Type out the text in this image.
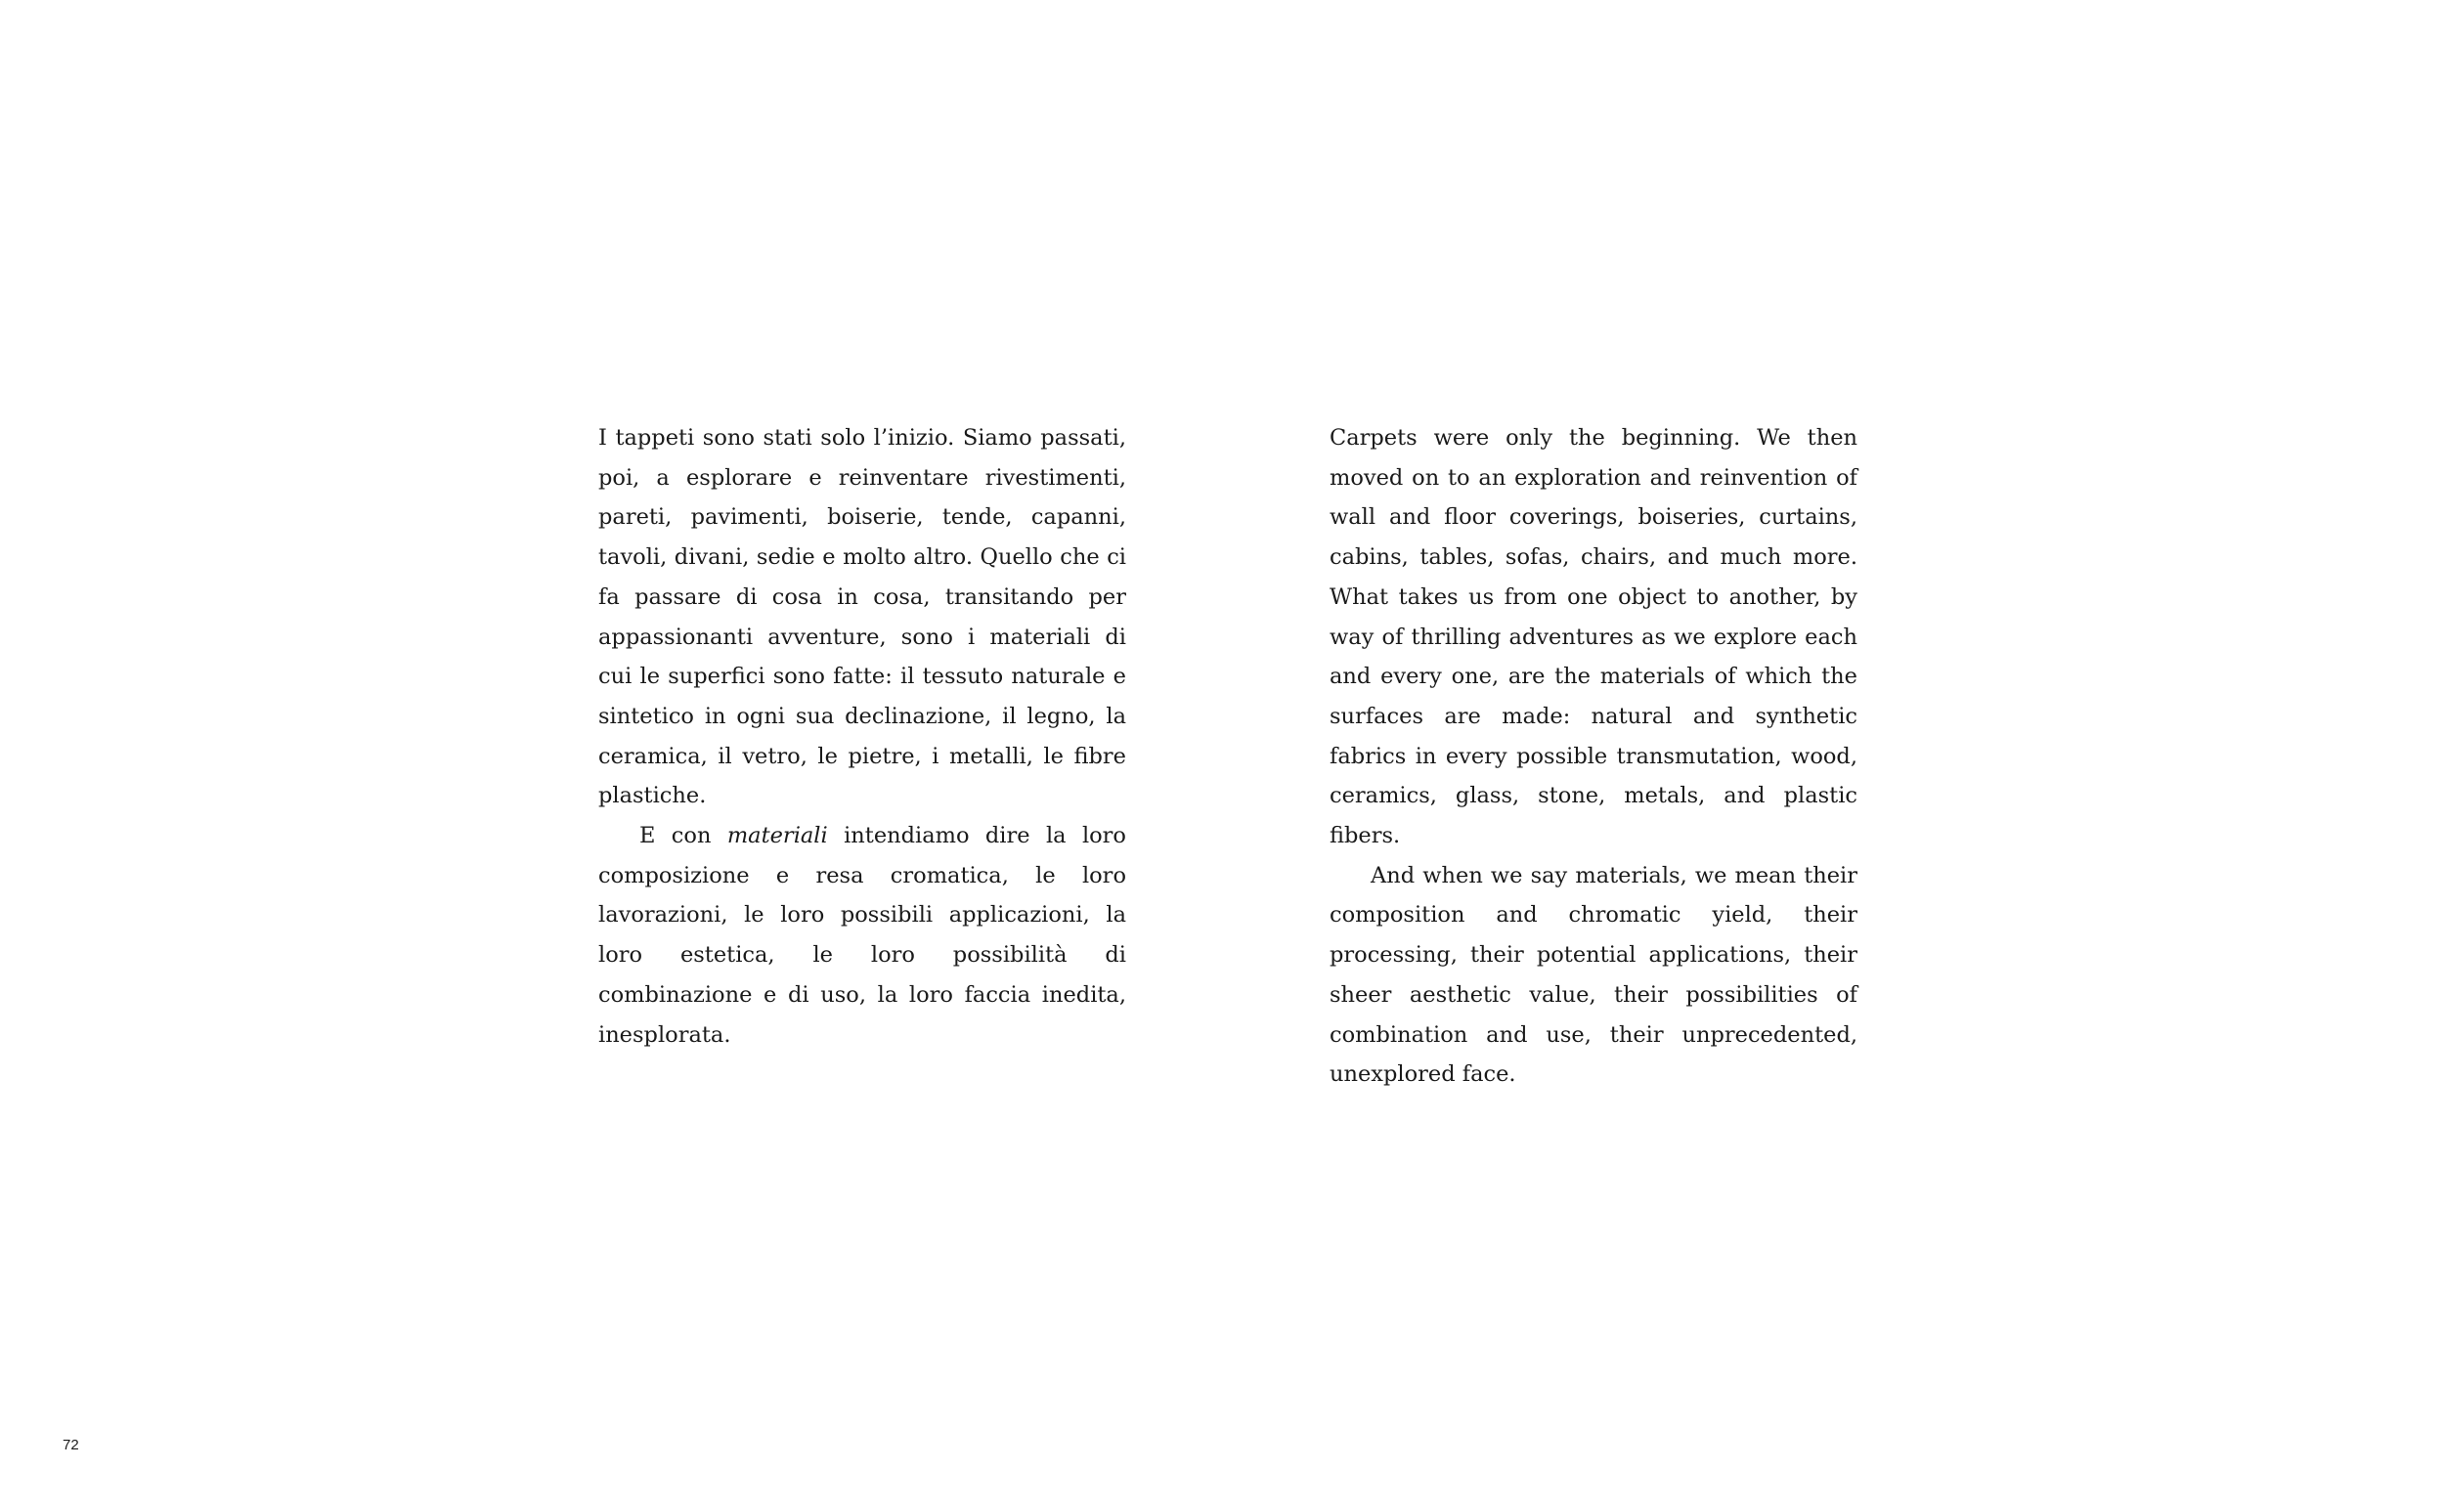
I tappeti sono stati solo l’inizio. Siamo passati, poi, a esplorare e reinventare rivestimenti, pareti, pavimenti, boiserie, tende, capanni, tavoli, divani, sedie e molto altro. Quello che ci fa passare di cosa in cosa, transitando per appassionanti avventure, sono i materiali di cui le superfici sono fatte: il tessuto naturale e sintetico in ogni sua declinazione, il legno, la ceramica, il vetro, le pietre, i metalli, le fibre plastiche.

E con materiali intendiamo dire la loro composizione e resa cromatica, le loro lavorazioni, le loro possibili applicazioni, la loro estetica, le loro possibilità di combinazione e di uso, la loro faccia inedita, inesplorata.

Carpets were only the beginning. We then moved on to an exploration and reinvention of wall and floor coverings, boiseries, curtains, cabins, tables, sofas, chairs, and much more. What takes us from one object to another, by way of thrilling adventures as we explore each and every one, are the materials of which the surfaces are made: natural and synthetic fabrics in every possible transmutation, wood, ceramics, glass, stone, metals, and plastic fibers.

And when we say materials, we mean their composition and chromatic yield, their processing, their potential applications, their sheer aesthetic value, their possibilities of combination and use, their unprecedented, unexplored face.

72
